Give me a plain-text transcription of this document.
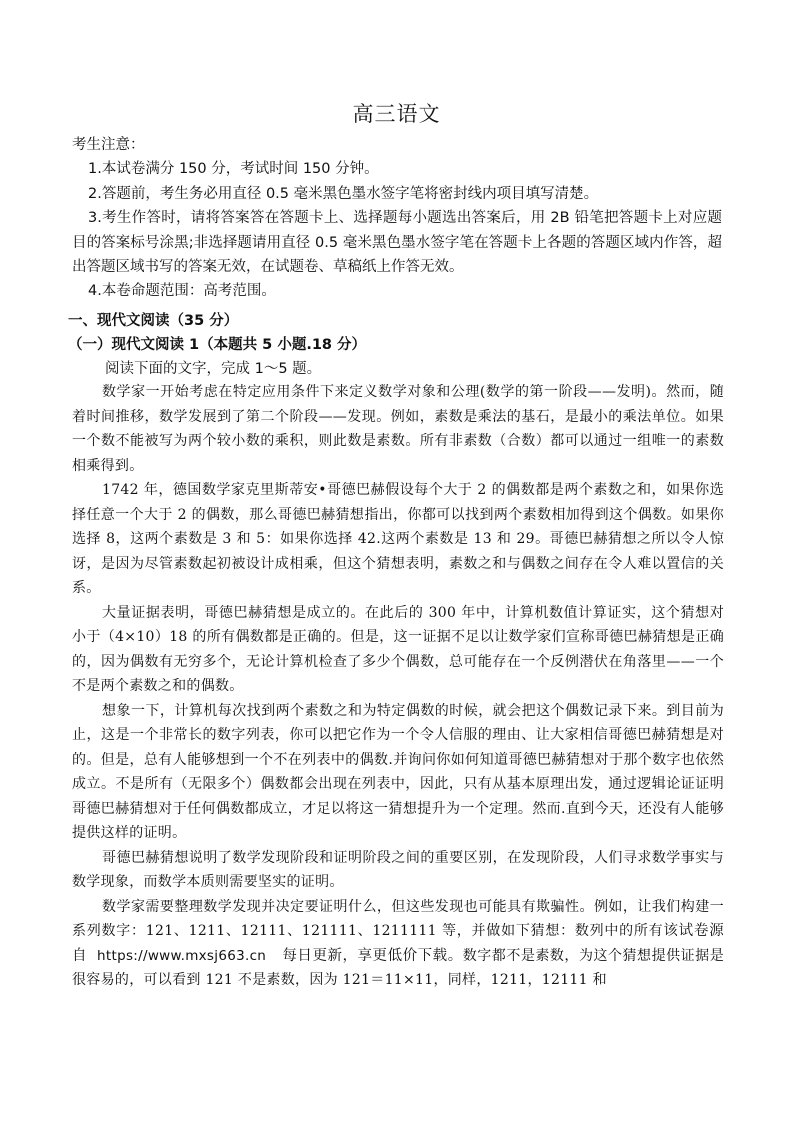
高三语文

考生注意：

1.本试卷满分 150 分，考试时间 150 分钟。

2.答题前，考生务必用直径 0.5 毫米黑色墨水签字笔将密封线内项目填写清楚。

3.考生作答时，请将答案答在答题卡上、选择题每小题选出答案后，用 2B 铅笔把答题卡上对应题目的答案标号涂黑;非选择题请用直径 0.5 毫米黑色墨水签字笔在答题卡上各题的答题区域内作答，超出答题区域书写的答案无效，在试题卷、草稿纸上作答无效。

4.本卷命题范围：高考范围。

一、现代文阅读（35 分）
（一）现代文阅读 1（本题共 5 小题.18 分）
阅读下面的文字，完成 1～5 题。

数学家一开始考虑在特定应用条件下来定义数学对象和公理(数学的第一阶段——发明)。然而，随着时间推移，数学发展到了第二个阶段——发现。例如，素数是乘法的基石，是最小的乘法单位。如果一个数不能被写为两个较小数的乘积，则此数是素数。所有非素数（合数）都可以通过一组唯一的素数相乘得到。

1742 年，德国数学家克里斯蒂安•哥德巴赫假设每个大于 2 的偶数都是两个素数之和，如果你选择任意一个大于 2 的偶数，那么哥德巴赫猜想指出，你都可以找到两个素数相加得到这个偶数。如果你选择 8，这两个素数是 3 和 5：如果你选择 42.这两个素数是 13 和 29。哥德巴赫猜想之所以令人惊讶，是因为尽管素数起初被设计成相乘，但这个猜想表明，素数之和与偶数之间存在令人难以置信的关系。

大量证据表明，哥德巴赫猜想是成立的。在此后的 300 年中，计算机数值计算证实，这个猜想对小于（4×10）18 的所有偶数都是正确的。但是，这一证据不足以让数学家们宣称哥德巴赫猜想是正确的，因为偶数有无穷多个，无论计算机检查了多少个偶数，总可能存在一个反例潜伏在角落里——一个不是两个素数之和的偶数。

想象一下，计算机每次找到两个素数之和为特定偶数的时候，就会把这个偶数记录下来。到目前为止，这是一个非常长的数字列表，你可以把它作为一个令人信服的理由、让大家相信哥德巴赫猜想是对的。但是，总有人能够想到一个不在列表中的偶数.并询问你如何知道哥德巴赫猜想对于那个数字也依然成立。不是所有（无限多个）偶数都会出现在列表中，因此，只有从基本原理出发，通过逻辑论证证明哥德巴赫猜想对于任何偶数都成立，才足以将这一猜想提升为一个定理。然而.直到今天，还没有人能够提供这样的证明。

哥德巴赫猜想说明了数学发现阶段和证明阶段之间的重要区别，在发现阶段，人们寻求数学事实与数学现象，而数学本质则需要坚实的证明。

数学家需要整理数学发现并决定要证明什么，但这些发现也可能具有欺骗性。例如，让我们构建一系列数字：121、1211、12111、121111、1211111 等，并做如下猜想：数列中的所有该试卷源自 https://www.mxsj663.cn 每日更新，享更低价下载。数字都不是素数，为这个猜想提供证据是很容易的，可以看到 121 不是素数，因为 121＝11×11，同样，1211，12111 和
